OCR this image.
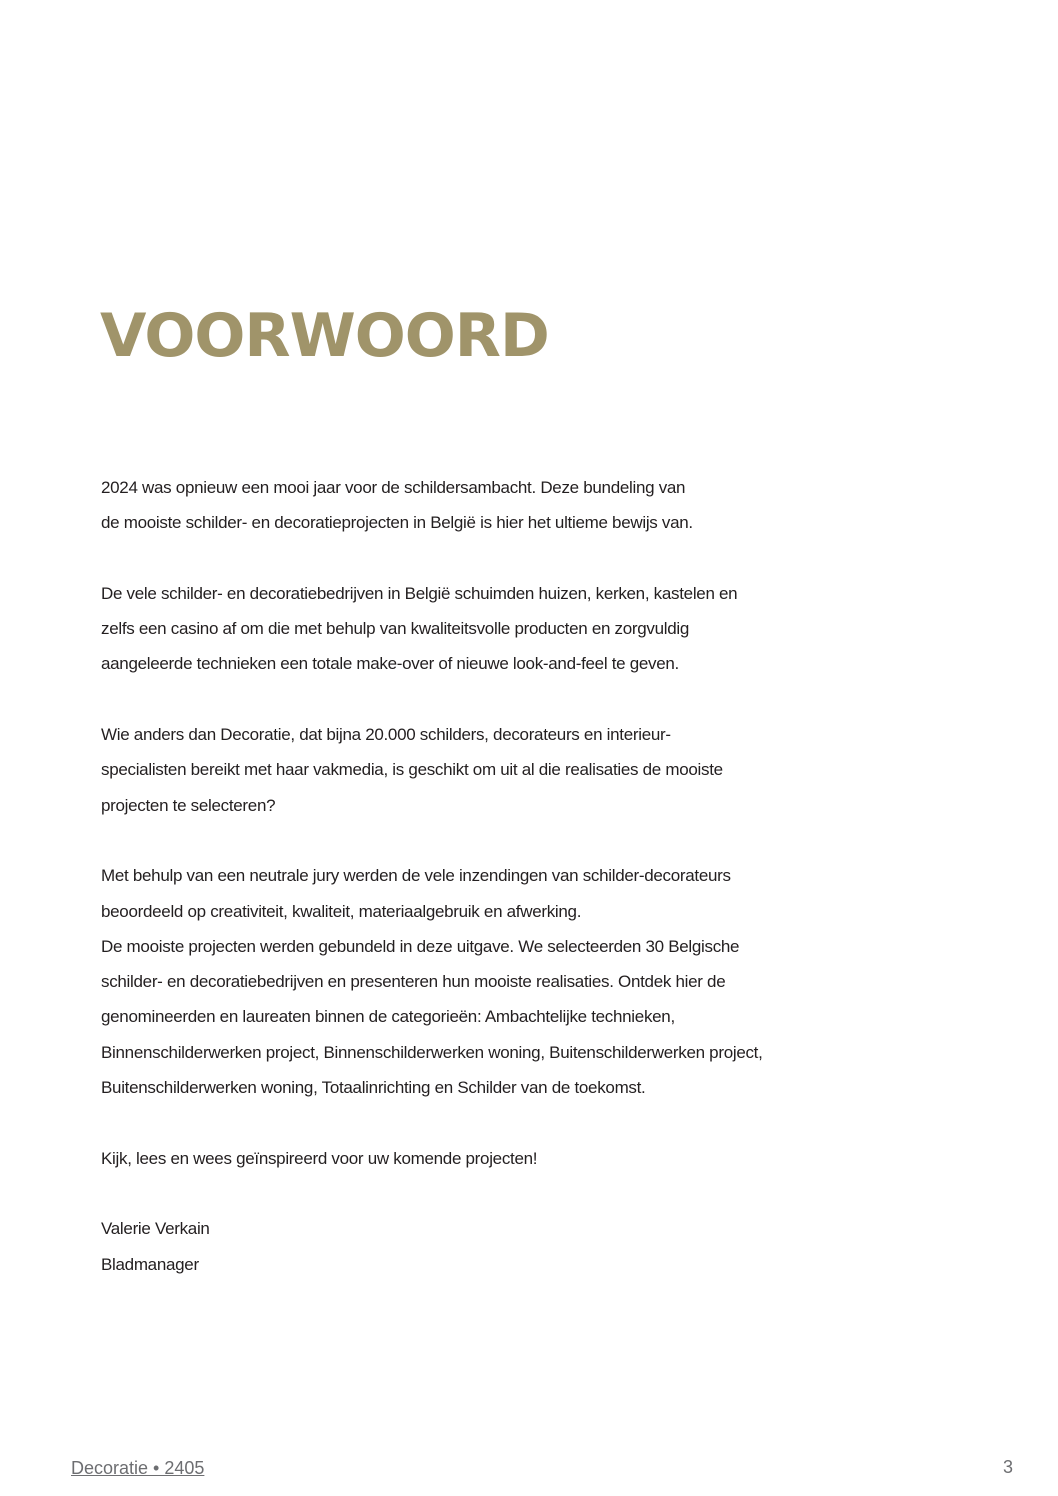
VOORWOORD

2024 was opnieuw een mooi jaar voor de schildersambacht. Deze bundeling van
de mooiste schilder- en decoratieprojecten in België is hier het ultieme bewijs van.

De vele schilder- en decoratiebedrijven in België schuimden huizen, kerken, kastelen en
zelfs een casino af om die met behulp van kwaliteitsvolle producten en zorgvuldig
aangeleerde technieken een totale make-over of nieuwe look-and-feel te geven.

Wie anders dan Decoratie, dat bijna 20.000 schilders, decorateurs en interieur-
specialisten bereikt met haar vakmedia, is geschikt om uit al die realisaties de mooiste
projecten te selecteren?

Met behulp van een neutrale jury werden de vele inzendingen van schilder-decorateurs
beoordeeld op creativiteit, kwaliteit, materiaalgebruik en afwerking.

De mooiste projecten werden gebundeld in deze uitgave. We selecteerden 30 Belgische
schilder- en decoratiebedrijven en presenteren hun mooiste realisaties. Ontdek hier de
genomineerden en laureaten binnen de categorieën: Ambachtelijke technieken,
Binnenschilderwerken project, Binnenschilderwerken woning, Buitenschilderwerken project,
Buitenschilderwerken woning, Totaalinrichting en Schilder van de toekomst.

Kijk, lees en wees geïnspireerd voor uw komende projecten!

Valerie Verkain
Bladmanager

Decoratie • 2405	3
